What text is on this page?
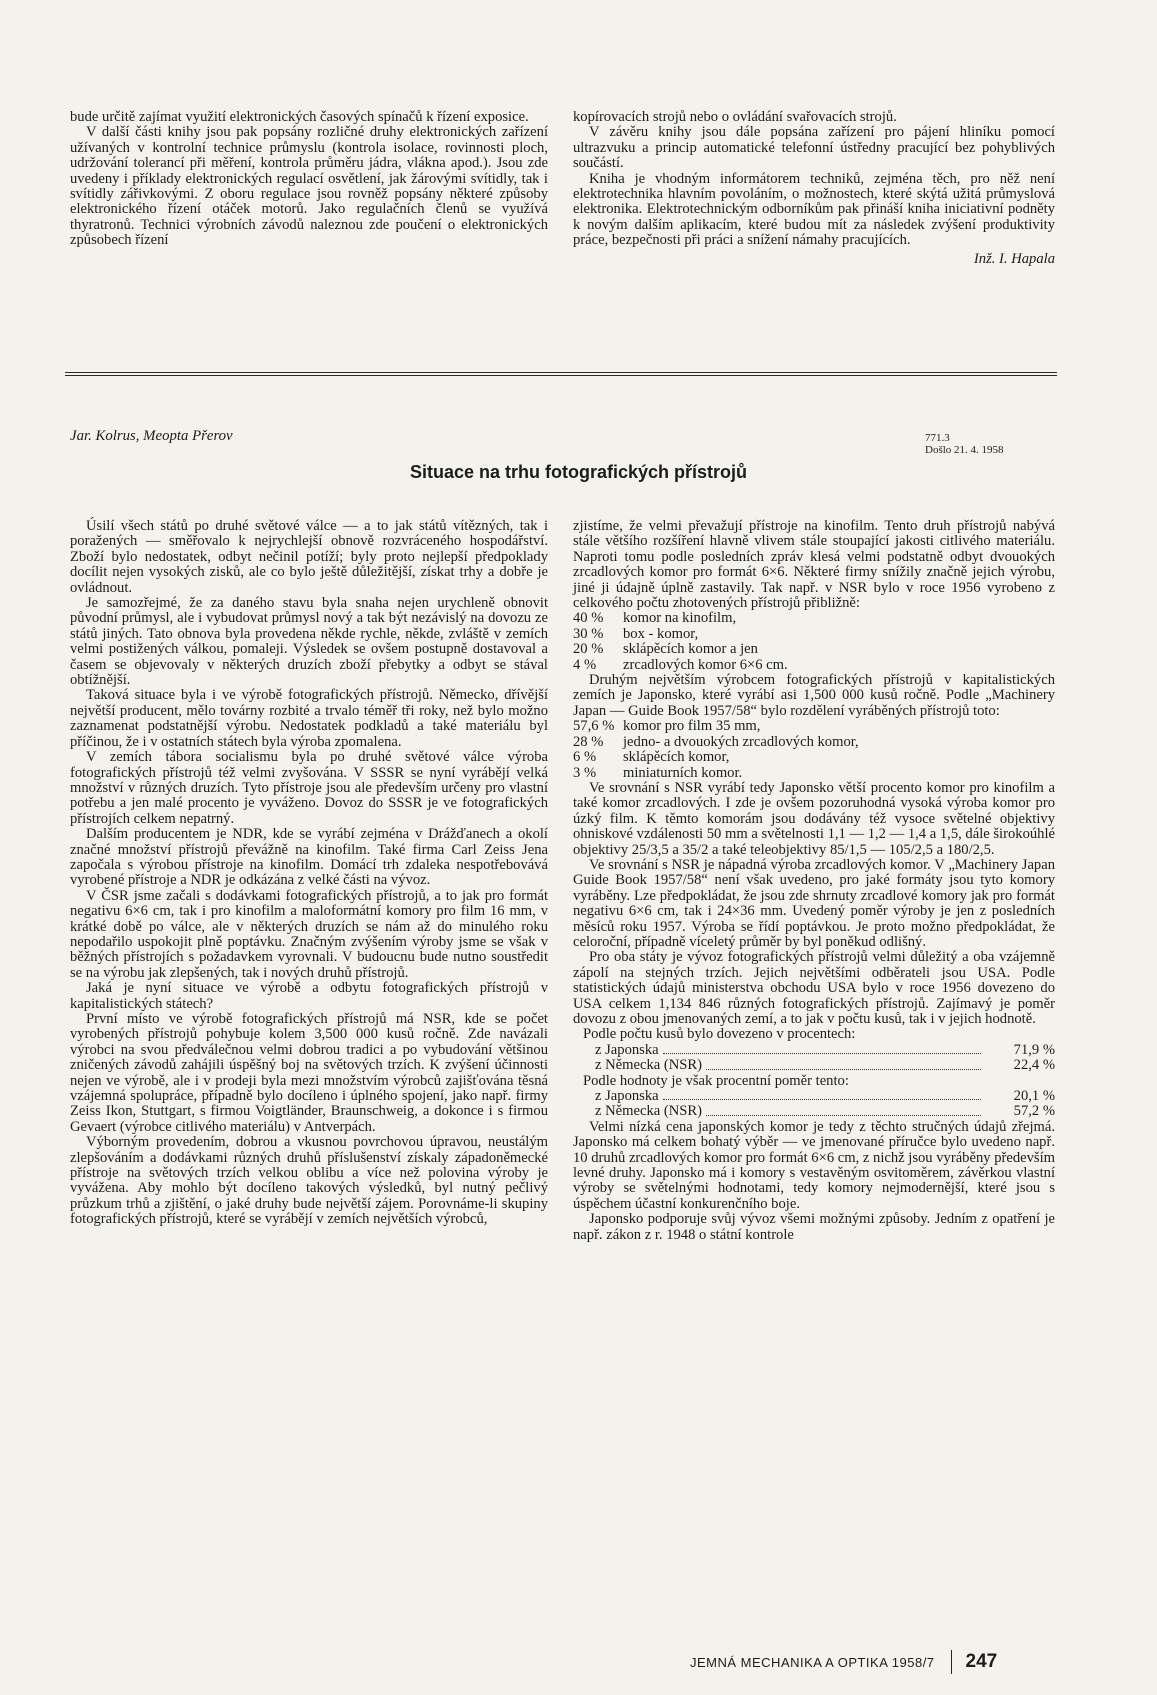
bude určitě zajímat využití elektronických časových spínačů k řízení exposice.

V další části knihy jsou pak popsány rozličné druhy elektronických zařízení užívaných v kontrolní technice průmyslu (kontrola isolace, rovinnosti ploch, udržování tolerancí při měření, kontrola průměru jádra, vlákna apod.). Jsou zde uvedeny i příklady elektronických regulací osvětlení, jak žárovými svítidly, tak i svítidly zářivkovými. Z oboru regulace jsou rovněž popsány některé způsoby elektronického řízení otáček motorů. Jako regulačních členů se využívá thyratronů. Technici výrobních závodů naleznou zde poučení o elektronických způsobech řízení

kopírovacích strojů nebo o ovládání svařovacích strojů.

V závěru knihy jsou dále popsána zařízení pro pájení hliníku pomocí ultrazvuku a princip automatické telefonní ústředny pracující bez pohyblivých součástí.

Kniha je vhodným informátorem techniků, zejména těch, pro něž není elektrotechnika hlavním povoláním, o možnostech, které skýtá užitá průmyslová elektronika. Elektrotechnickým odborníkům pak přináší kniha iniciativní podněty k novým dalším aplikacím, které budou mít za následek zvýšení produktivity práce, bezpečnosti při práci a snížení námahy pracujících.

Inž. I. Hapala
Jar. Kolrus, Meopta Přerov	771.3
Došlo 21. 4. 1958
Situace na trhu fotografických přístrojů

Úsilí všech států po druhé světové válce — a to jak států vítězných, tak i poražených — směřovalo k nejrychlejší obnově rozvráceného hospodářství. Zboží bylo nedostatek, odbyt nečinil potíží; byly proto nejlepší předpoklady docílit nejen vysokých zisků, ale co bylo ještě důležitější, získat trhy a dobře je ovládnout.

Je samozřejmé, že za daného stavu byla snaha nejen urychleně obnovit původní průmysl, ale i vybudovat průmysl nový a tak být nezávislý na dovozu ze států jiných. Tato obnova byla provedena někde rychle, někde, zvláště v zemích velmi postižených válkou, pomaleji. Výsledek se ovšem postupně dostavoval a časem se objevovaly v některých druzích zboží přebytky a odbyt se stával obtížnější.

Taková situace byla i ve výrobě fotografických přístrojů. Německo, dřívější největší producent, mělo továrny rozbité a trvalo téměř tři roky, než bylo možno zaznamenat podstatnější výrobu. Nedostatek podkladů a také materiálu byl příčinou, že i v ostatních státech byla výroba zpomalena.

V zemích tábora socialismu byla po druhé světové válce výroba fotografických přístrojů též velmi zvyšována. V SSSR se nyní vyrábějí velká množství v různých druzích. Tyto přístroje jsou ale především určeny pro vlastní potřebu a jen malé procento je vyváženo. Dovoz do SSSR je ve fotografických přístrojích celkem nepatrný.

Dalším producentem je NDR, kde se vyrábí zejména v Drážďanech a okolí značné množství přístrojů převážně na kinofilm. Také firma Carl Zeiss Jena započala s výrobou přístroje na kinofilm. Domácí trh zdaleka nespotřebovává vyrobené přístroje a NDR je odkázána z velké části na vývoz.

V ČSR jsme začali s dodávkami fotografických přístrojů, a to jak pro formát negativu 6×6 cm, tak i pro kinofilm a maloformátní komory pro film 16 mm, v krátké době po válce, ale v některých druzích se nám až do minulého roku nepodařilo uspokojit plně poptávku. Značným zvýšením výroby jsme se však v běžných přístrojích s požadavkem vyrovnali. V budoucnu bude nutno soustředit se na výrobu jak zlepšených, tak i nových druhů přístrojů.

Jaká je nyní situace ve výrobě a odbytu fotografických přístrojů v kapitalistických státech?

První místo ve výrobě fotografických přístrojů má NSR, kde se počet vyrobených přístrojů pohybuje kolem 3,500 000 kusů ročně. Zde navázali výrobci na svou předválečnou velmi dobrou tradici a po vybudování většinou zničených závodů zahájili úspěšný boj na světových trzích. K zvýšení účinnosti nejen ve výrobě, ale i v prodeji byla mezi množstvím výrobců zajišťována těsná vzájemná spolupráce, případně bylo docíleno i úplného spojení, jako např. firmy Zeiss Ikon, Stuttgart, s firmou Voigtländer, Braunschweig, a dokonce i s firmou Gevaert (výrobce citlivého materiálu) v Antverpách.

Výborným provedením, dobrou a vkusnou povrchovou úpravou, neustálým zlepšováním a dodávkami různých druhů příslušenství získaly západoněmecké přístroje na světových trzích velkou oblibu a více než polovina výroby je vyvážena. Aby mohlo být docíleno takových výsledků, byl nutný pečlivý průzkum trhů a zjištění, o jaké druhy bude největší zájem. Porovnáme-li skupiny fotografických přístrojů, které se vyrábějí v zemích největších výrobců,

zjistíme, že velmi převažují přístroje na kinofilm. Tento druh přístrojů nabývá stále většího rozšíření hlavně vlivem stále stoupající jakosti citlivého materiálu. Naproti tomu podle posledních zpráv klesá velmi podstatně odbyt dvouokých zrcadlových komor pro formát 6×6. Některé firmy snížily značně jejich výrobu, jiné ji údajně úplně zastavily. Tak např. v NSR bylo v roce 1956 vyrobeno z celkového počtu zhotovených přístrojů přibližně:

40 %	komor na kinofilm,
30 %	box - komor,
20 %	sklápěcích komor a jen
4 %	zrcadlových komor 6×6 cm.

Druhým největším výrobcem fotografických přístrojů v kapitalistických zemích je Japonsko, které vyrábí asi 1,500 000 kusů ročně. Podle „Machinery Japan — Guide Book 1957/58“ bylo rozdělení vyráběných přístrojů toto:

57,6 % komor pro film 35 mm,
28 %	jedno- a dvouokých zrcadlových komor,
6 %	sklápěcích komor,
3 %	miniaturních komor.

Ve srovnání s NSR vyrábí tedy Japonsko větší procento komor pro kinofilm a také komor zrcadlových. I zde je ovšem pozoruhodná vysoká výroba komor pro úzký film. K těmto komorám jsou dodávány též vysoce světelné objektivy ohniskové vzdálenosti 50 mm a světelnosti 1,1 — 1,2 — 1,4 a 1,5, dále širokoúhlé objektivy 25/3,5 a 35/2 a také teleobjektivy 85/1,5 — 105/2,5 a 180/2,5.

Ve srovnání s NSR je nápadná výroba zrcadlových komor. V „Machinery Japan Guide Book 1957/58“ není však uvedeno, pro jaké formáty jsou tyto komory vyráběny. Lze předpokládat, že jsou zde shrnuty zrcadlové komory jak pro formát negativu 6×6 cm, tak i 24×36 mm. Uvedený poměr výroby je jen z posledních měsíců roku 1957. Výroba se řídí poptávkou. Je proto možno předpokládat, že celoroční, případně víceletý průměr by byl poněkud odlišný.

Pro oba státy je vývoz fotografických přístrojů velmi důležitý a oba vzájemně zápolí na stejných trzích. Jejich největšími odběrateli jsou USA. Podle statistických údajů ministerstva obchodu USA bylo v roce 1956 dovezeno do USA celkem 1,134 846 různých fotografických přístrojů. Zajímavý je poměr dovozu z obou jmenovaných zemí, a to jak v počtu kusů, tak i v jejich hodnotě.

Podle počtu kusů bylo dovezeno v procentech:
z Japonska	71,9 %
z Německa (NSR)	22,4 %
Podle hodnoty je však procentní poměr tento:
z Japonska	20,1 %
z Německa (NSR)	57,2 %

Velmi nízká cena japonských komor je tedy z těchto stručných údajů zřejmá. Japonsko má celkem bohatý výběr — ve jmenované příručce bylo uvedeno např. 10 druhů zrcadlových komor pro formát 6×6 cm, z nichž jsou vyráběny především levné druhy. Japonsko má i komory s vestavěným osvitoměrem, závěrkou vlastní výroby se světelnými hodnotami, tedy komory nejmodernější, které jsou s úspěchem účastní konkurenčního boje.

Japonsko podporuje svůj vývoz všemi možnými způsoby. Jedním z opatření je např. zákon z r. 1948 o státní kontrole

JEMNÁ MECHANIKA A OPTIKA 1958/7 247
